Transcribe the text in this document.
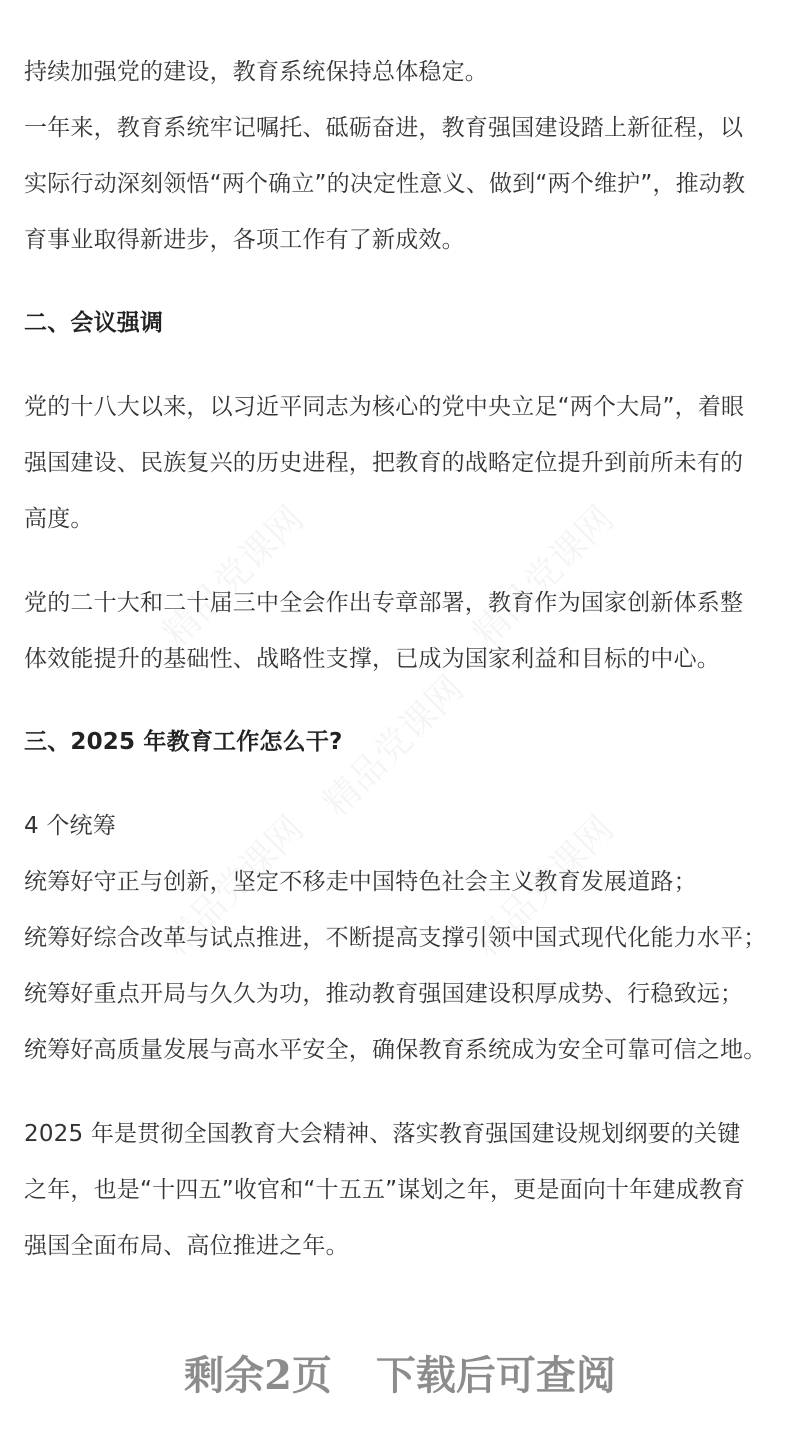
持续加强党的建设，教育系统保持总体稳定。
一年来，教育系统牢记嘱托、砥砺奋进，教育强国建设踏上新征程，以
实际行动深刻领悟“两个确立”的决定性意义、做到“两个维护”，推动教
育事业取得新进步，各项工作有了新成效。
二、会议强调
党的十八大以来，以习近平同志为核心的党中央立足“两个大局”，着眼
强国建设、民族复兴的历史进程，把教育的战略定位提升到前所未有的
高度。
党的二十大和二十届三中全会作出专章部署，教育作为国家创新体系整
体效能提升的基础性、战略性支撑，已成为国家利益和目标的中心。
三、2025 年教育工作怎么干?
4 个统筹
统筹好守正与创新，坚定不移走中国特色社会主义教育发展道路；
统筹好综合改革与试点推进，不断提高支撑引领中国式现代化能力水平；
统筹好重点开局与久久为功，推动教育强国建设积厚成势、行稳致远；
统筹好高质量发展与高水平安全，确保教育系统成为安全可靠可信之地。
2025 年是贯彻全国教育大会精神、落实教育强国建设规划纲要的关键
之年，也是“十四五”收官和“十五五”谋划之年，更是面向十年建成教育
强国全面布局、高位推进之年。
剩余2页 下载后可查阅
